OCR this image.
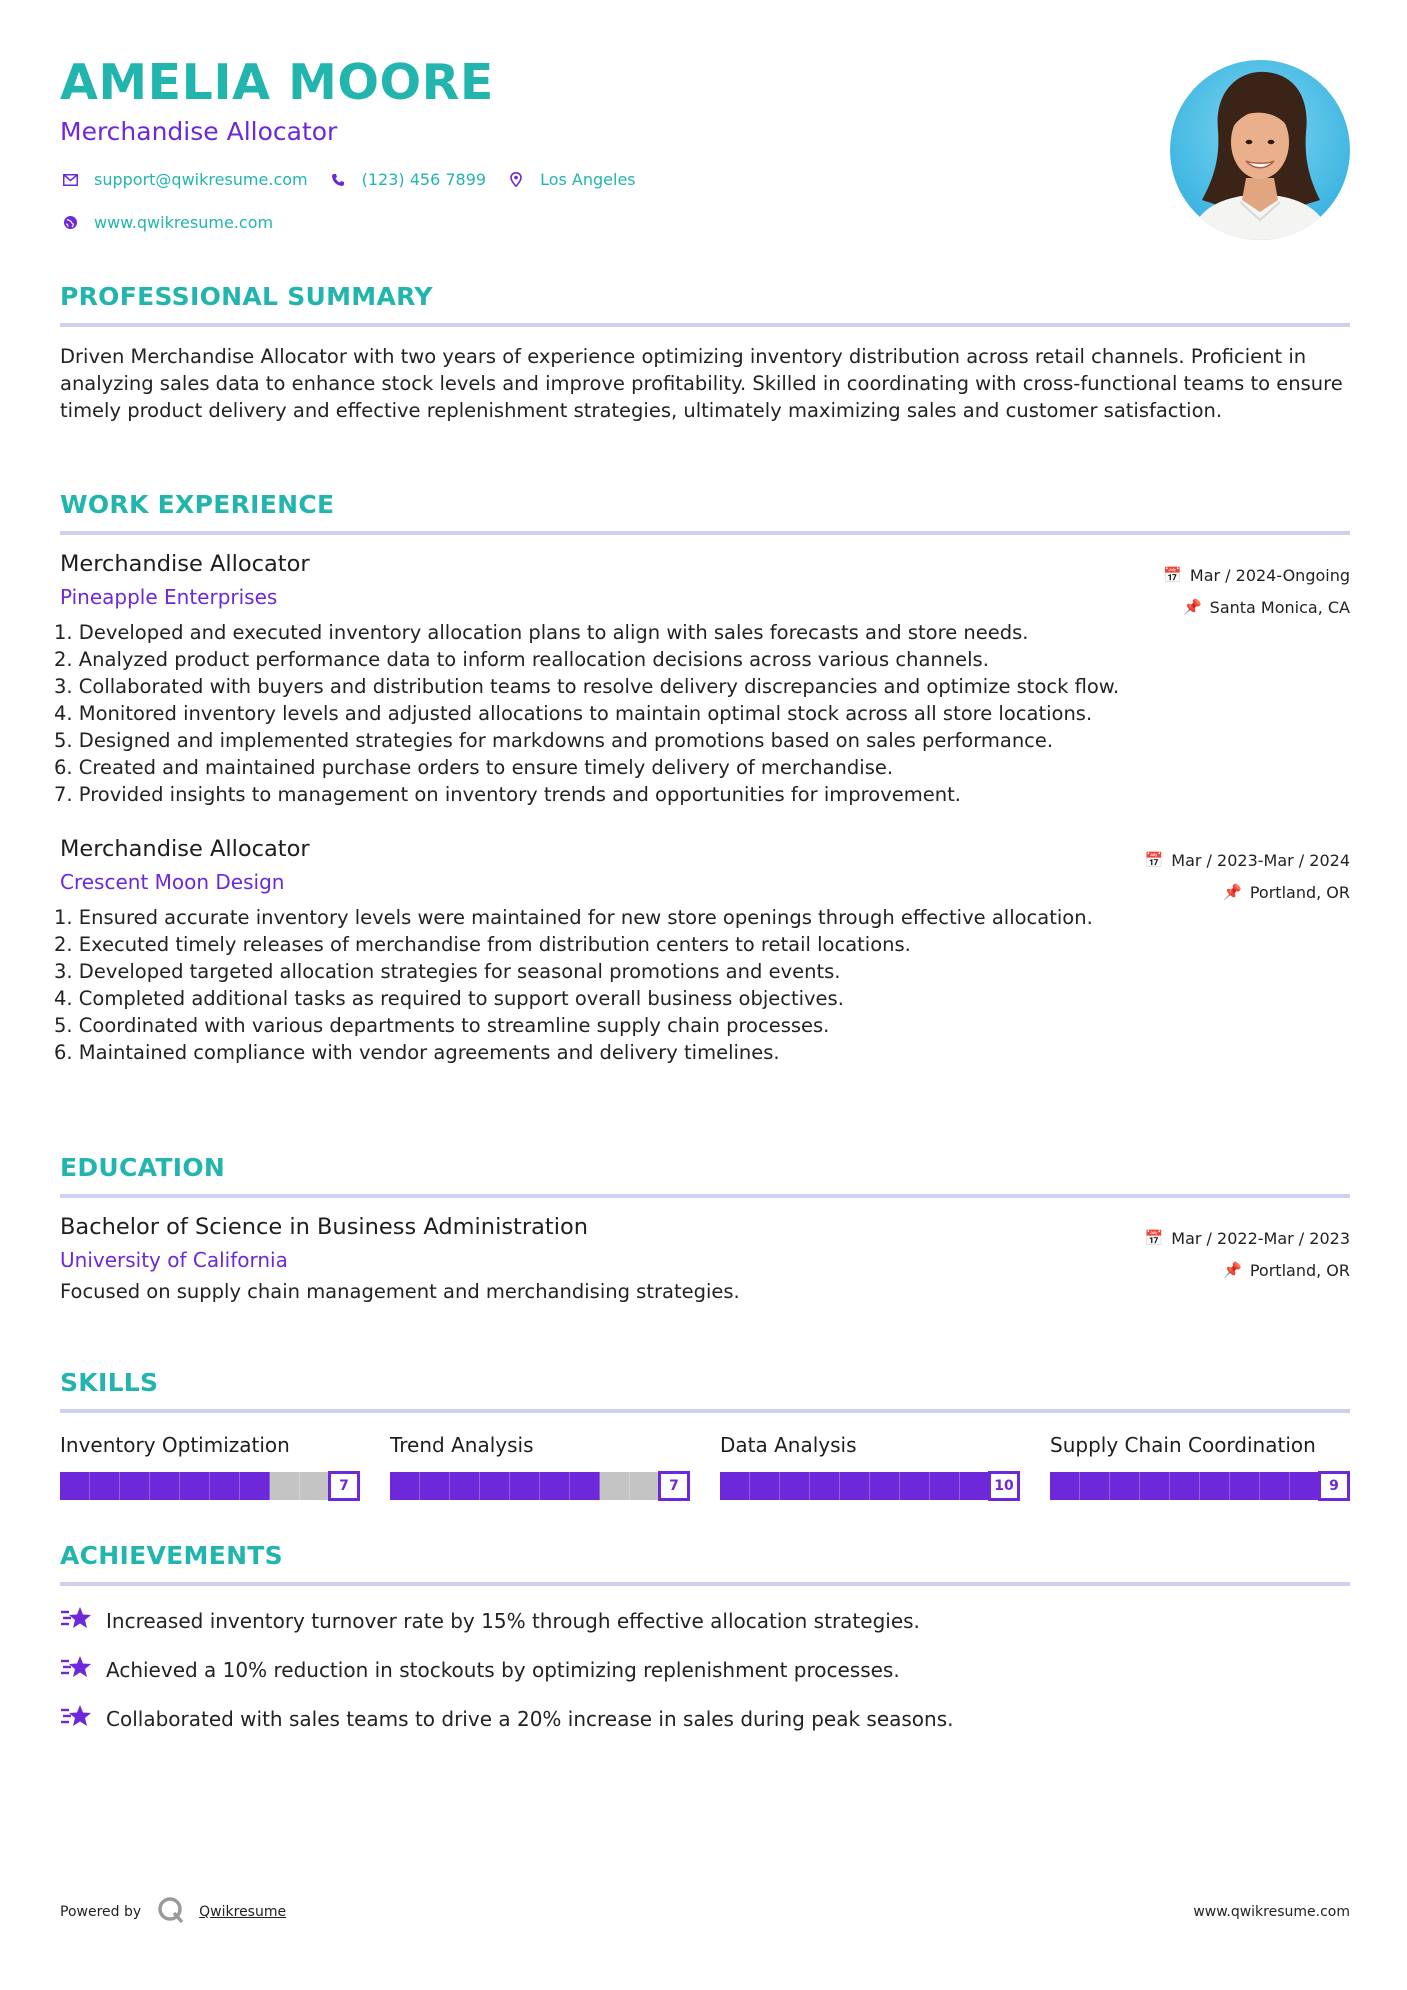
AMELIA MOORE
Merchandise Allocator
support@qwikresume.com	(123) 456 7899	Los Angeles
www.qwikresume.com
PROFESSIONAL SUMMARY
Driven Merchandise Allocator with two years of experience optimizing inventory distribution across retail channels. Proficient in analyzing sales data to enhance stock levels and improve profitability. Skilled in coordinating with cross-functional teams to ensure timely product delivery and effective replenishment strategies, ultimately maximizing sales and customer satisfaction.
WORK EXPERIENCE
Merchandise Allocator
Pineapple Enterprises
📅 Mar / 2024-Ongoing
📌 Santa Monica, CA
1. Developed and executed inventory allocation plans to align with sales forecasts and store needs.
2. Analyzed product performance data to inform reallocation decisions across various channels.
3. Collaborated with buyers and distribution teams to resolve delivery discrepancies and optimize stock flow.
4. Monitored inventory levels and adjusted allocations to maintain optimal stock across all store locations.
5. Designed and implemented strategies for markdowns and promotions based on sales performance.
6. Created and maintained purchase orders to ensure timely delivery of merchandise.
7. Provided insights to management on inventory trends and opportunities for improvement.
Merchandise Allocator
Crescent Moon Design
📅 Mar / 2023-Mar / 2024
📌 Portland, OR
1. Ensured accurate inventory levels were maintained for new store openings through effective allocation.
2. Executed timely releases of merchandise from distribution centers to retail locations.
3. Developed targeted allocation strategies for seasonal promotions and events.
4. Completed additional tasks as required to support overall business objectives.
5. Coordinated with various departments to streamline supply chain processes.
6. Maintained compliance with vendor agreements and delivery timelines.
EDUCATION
Bachelor of Science in Business Administration
University of California
📅 Mar / 2022-Mar / 2023
📌 Portland, OR
Focused on supply chain management and merchandising strategies.
SKILLS
Inventory Optimization
7
Trend Analysis
7
Data Analysis
10
Supply Chain Coordination
9
ACHIEVEMENTS
Increased inventory turnover rate by 15% through effective allocation strategies.
Achieved a 10% reduction in stockouts by optimizing replenishment processes.
Collaborated with sales teams to drive a 20% increase in sales during peak seasons.
Powered by	Qwikresume	www.qwikresume.com
